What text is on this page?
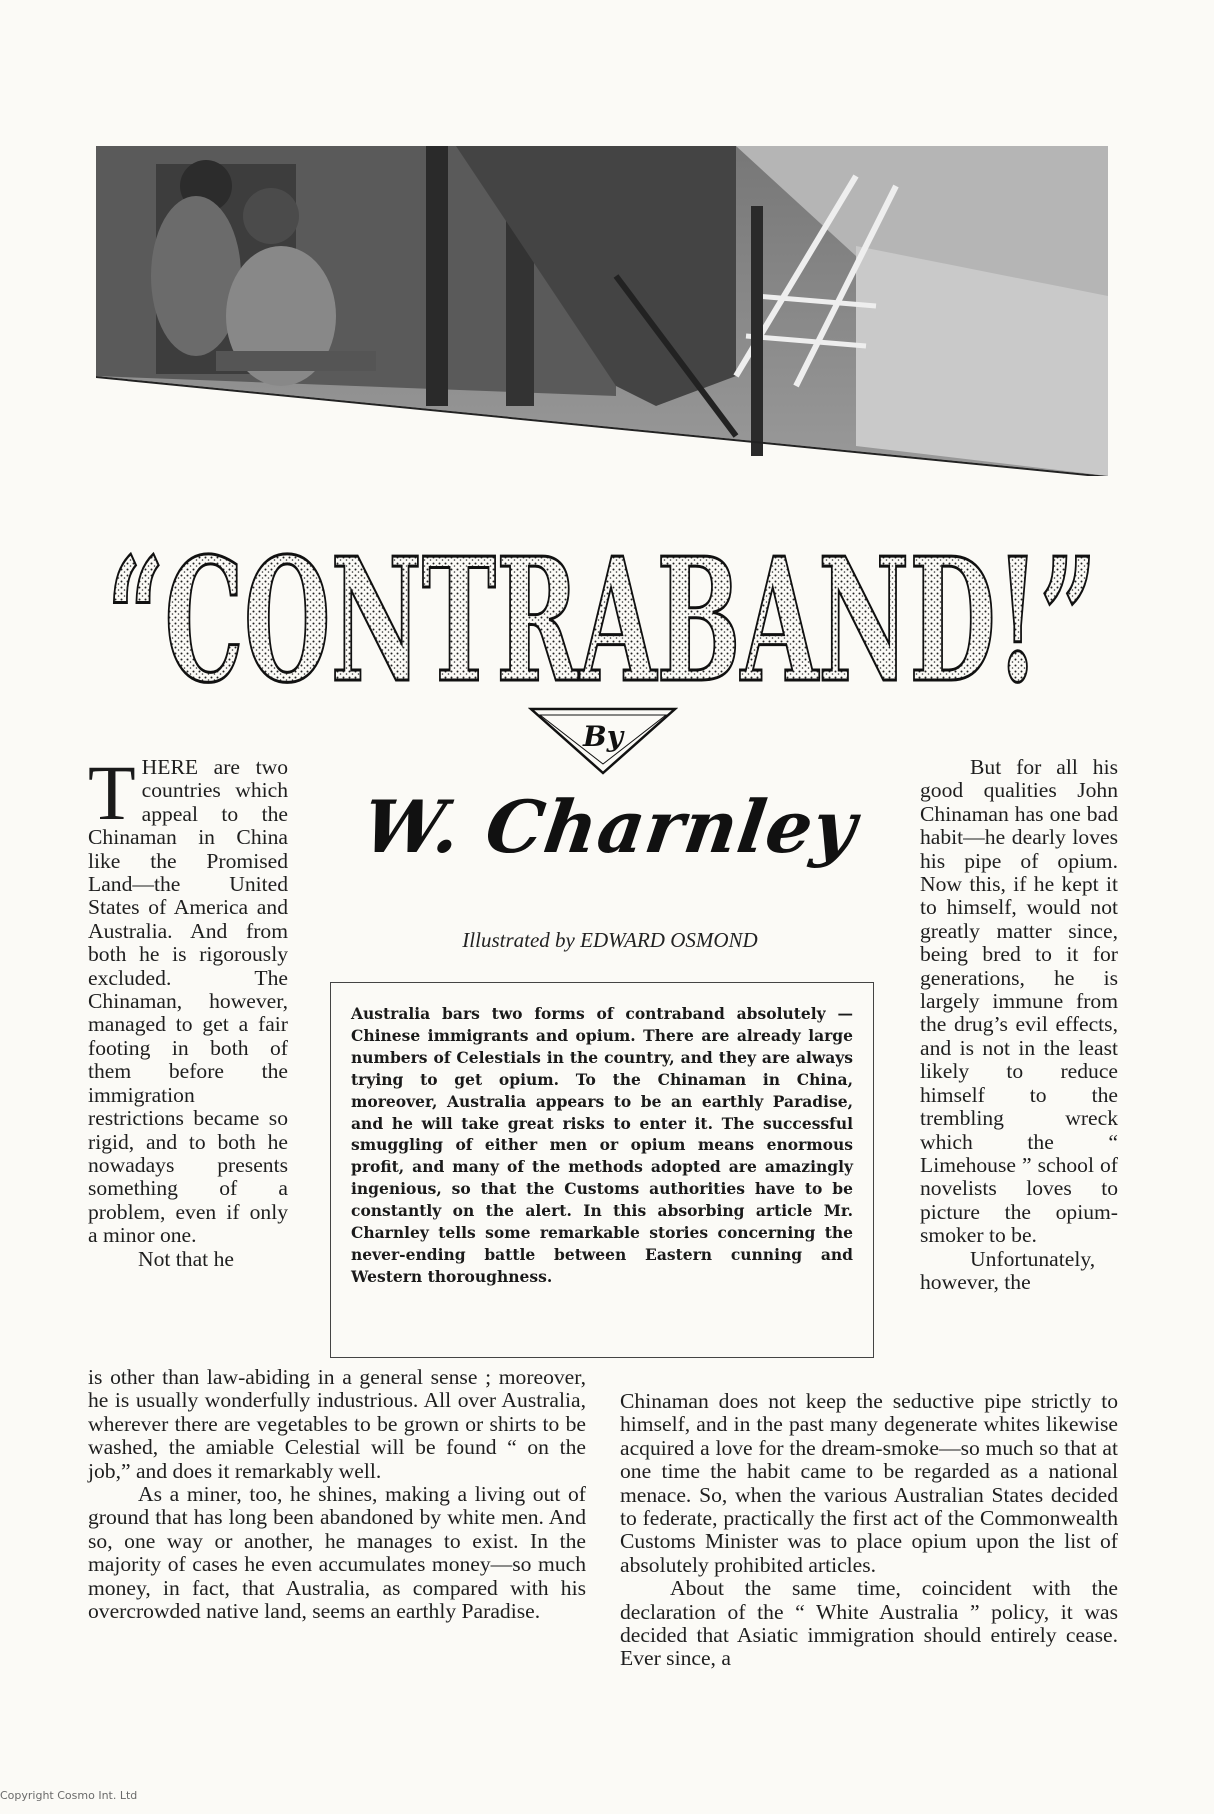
“CONTRABAND!”
By
W. Charnley
Illustrated by EDWARD OSMOND
Australia bars two forms of contraband absolutely —Chinese immigrants and opium. There are already large numbers of Celestials in the country, and they are always trying to get opium. To the Chinaman in China, moreover, Australia appears to be an earthly Paradise, and he will take great risks to enter it. The successful smuggling of either men or opium means enormous profit, and many of the methods adopted are amazingly ingenious, so that the Customs authorities have to be constantly on the alert. In this absorbing article Mr. Charnley tells some remarkable stories concerning the never-ending battle between Eastern cunning and Western thoroughness.

THERE are two countries which appeal to the Chinaman in China like the Promised Land—the United States of America and Australia. And from both he is rigorously excluded. The Chinaman, however, managed to get a fair footing in both of them before the immigration restrictions became so rigid, and to both he nowadays presents something of a problem, even if only a minor one.

Not that he

is other than law-abiding in a general sense ; moreover, he is usually wonderfully industrious. All over Australia, wherever there are vegetables to be grown or shirts to be washed, the amiable Celestial will be found “ on the job,” and does it remarkably well.

As a miner, too, he shines, making a living out of ground that has long been abandoned by white men. And so, one way or another, he manages to exist. In the majority of cases he even accumulates money—so much money, in fact, that Australia, as compared with his overcrowded native land, seems an earthly Paradise.

But for all his good qualities John Chinaman has one bad habit—he dearly loves his pipe of opium. Now this, if he kept it to himself, would not greatly matter since, being bred to it for generations, he is largely immune from the drug’s evil effects, and is not in the least likely to reduce himself to the trembling wreck which the “ Limehouse ” school of novelists loves to picture the opium-smoker to be.

Unfortunately, however, the

Chinaman does not keep the seductive pipe strictly to himself, and in the past many degenerate whites likewise acquired a love for the dream-smoke—so much so that at one time the habit came to be regarded as a national menace. So, when the various Australian States decided to federate, practically the first act of the Commonwealth Customs Minister was to place opium upon the list of absolutely prohibited articles.

About the same time, coincident with the declaration of the “ White Australia ” policy, it was decided that Asiatic immigration should entirely cease. Ever since, a

Copyright Cosmo Int. Ltd
